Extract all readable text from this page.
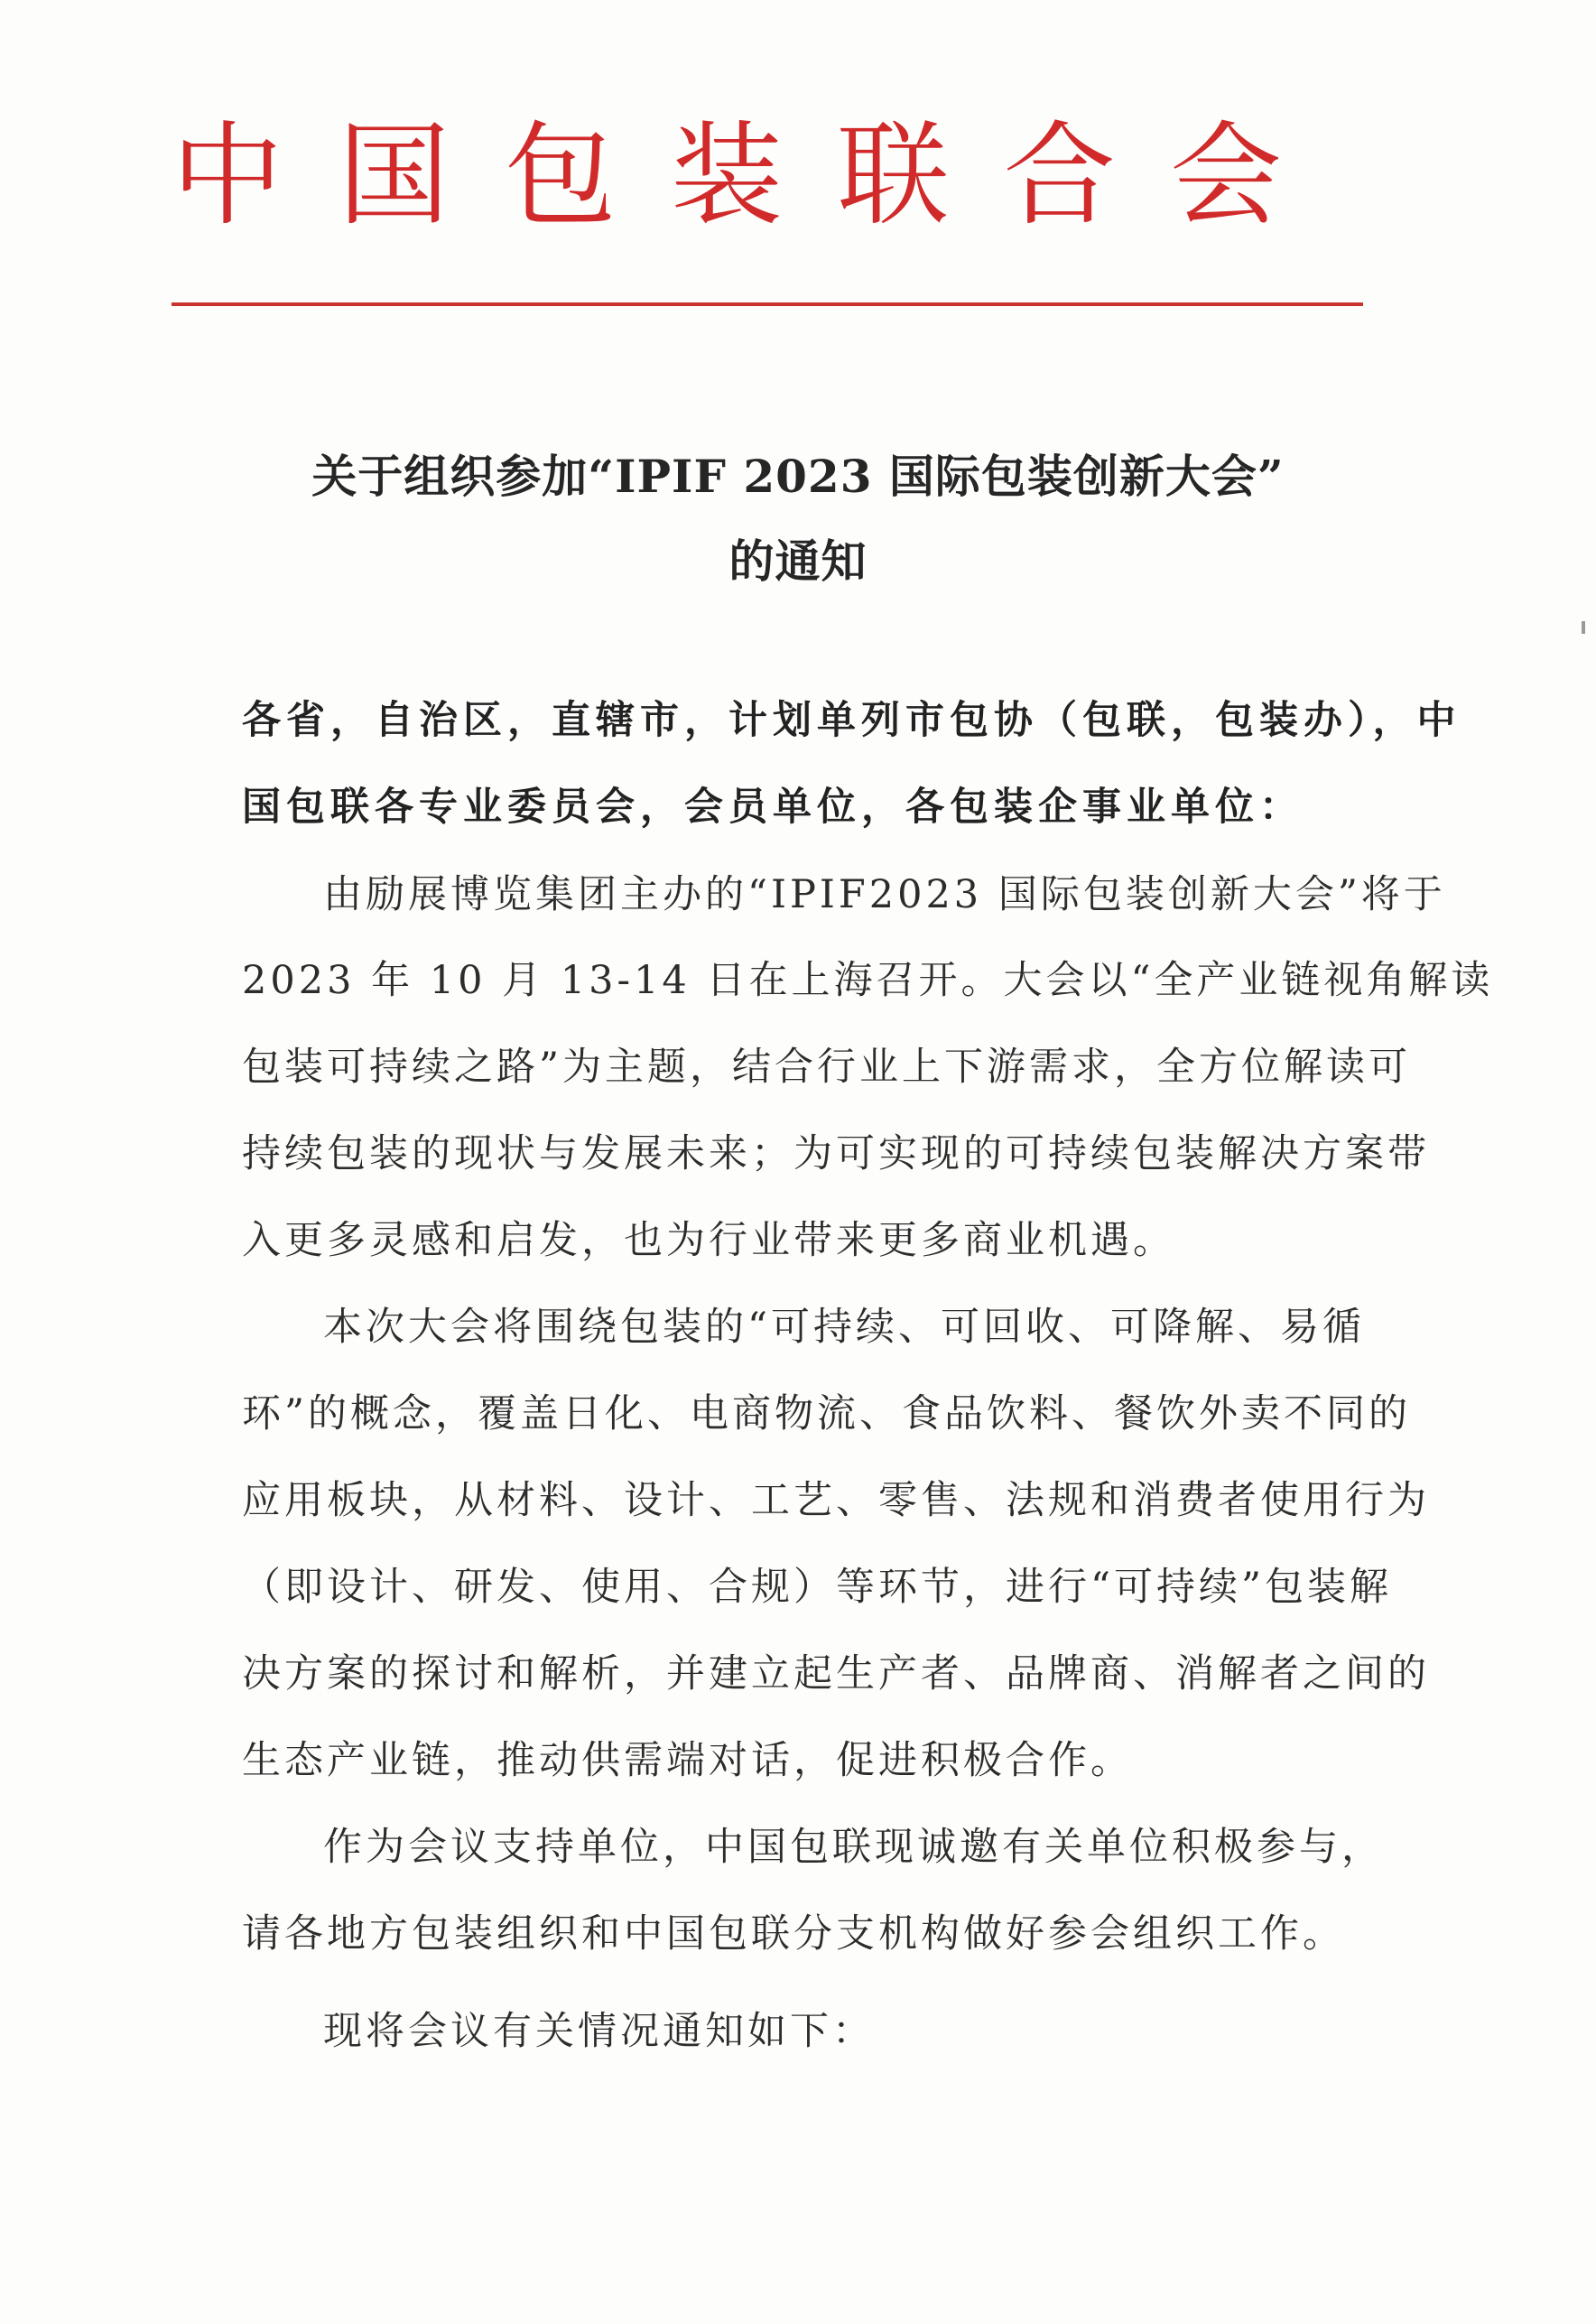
中 国 包 装 联 合 会
关于组织参加“IPIF 2023 国际包装创新大会”
的通知
各省，自治区，直辖市，计划单列市包协（包联，包装办），中
国包联各专业委员会，会员单位，各包装企事业单位：
由励展博览集团主办的“IPIF2023 国际包装创新大会”将于
2023 年 10 月 13-14 日在上海召开。大会以“全产业链视角解读
包装可持续之路”为主题，结合行业上下游需求，全方位解读可
持续包装的现状与发展未来；为可实现的可持续包装解决方案带
入更多灵感和启发，也为行业带来更多商业机遇。
本次大会将围绕包装的“可持续、可回收、可降解、易循
环”的概念，覆盖日化、电商物流、食品饮料、餐饮外卖不同的
应用板块，从材料、设计、工艺、零售、法规和消费者使用行为
（即设计、研发、使用、合规）等环节，进行“可持续”包装解
决方案的探讨和解析，并建立起生产者、品牌商、消解者之间的
生态产业链，推动供需端对话，促进积极合作。
作为会议支持单位，中国包联现诚邀有关单位积极参与，
请各地方包装组织和中国包联分支机构做好参会组织工作。
现将会议有关情况通知如下：
